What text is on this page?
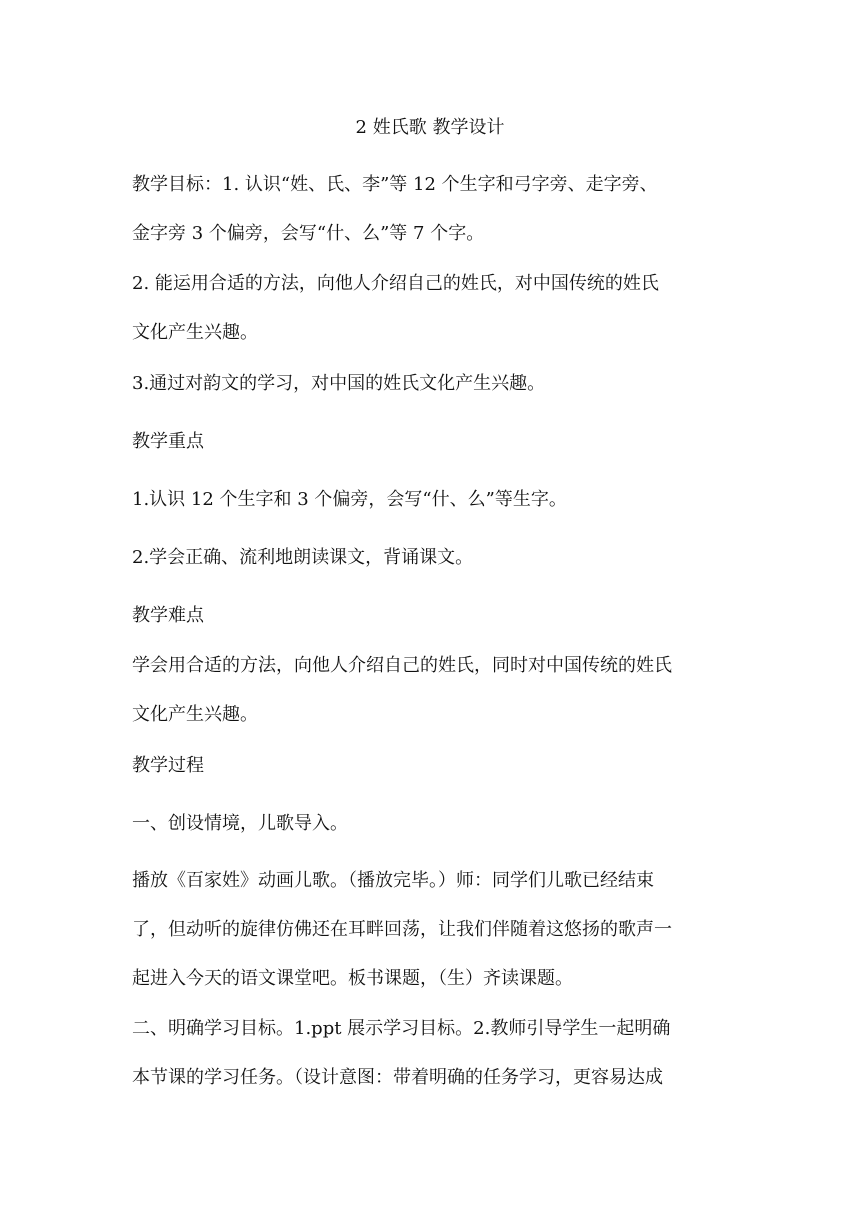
2 姓氏歌 教学设计

教学目标：1. 认识“姓、氏、李”等 12 个生字和弓字旁、走字旁、
金字旁 3 个偏旁，会写“什、么”等 7 个字。

2. 能运用合适的方法，向他人介绍自己的姓氏，对中国传统的姓氏
文化产生兴趣。

3.通过对韵文的学习，对中国的姓氏文化产生兴趣。

教学重点

1.认识 12 个生字和 3 个偏旁，会写“什、么”等生字。

2.学会正确、流利地朗读课文，背诵课文。

教学难点

学会用合适的方法，向他人介绍自己的姓氏，同时对中国传统的姓氏
文化产生兴趣。

教学过程

一、创设情境，儿歌导入。

播放《百家姓》动画儿歌。（播放完毕。）师：同学们儿歌已经结束
了，但动听的旋律仿佛还在耳畔回荡，让我们伴随着这悠扬的歌声一
起进入今天的语文课堂吧。板书课题，（生）齐读课题。

二、明确学习目标。1.ppt 展示学习目标。2.教师引导学生一起明确
本节课的学习任务。（设计意图：带着明确的任务学习，更容易达成
